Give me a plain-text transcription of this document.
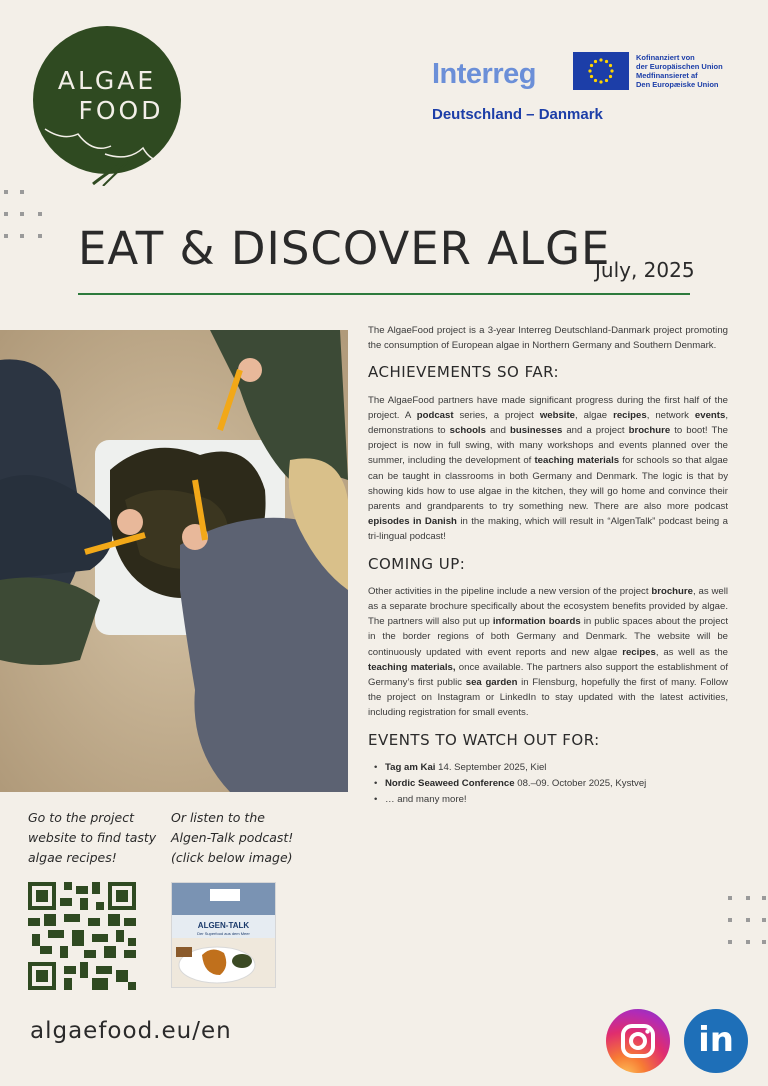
ALGAE
FOOD
Interreg
Kofinanziert von
der Europäischen Union
Medfinansieret af
Den Europæiske Union
Deutschland – Danmark
EAT & DISCOVER ALGE
July, 2025

The AlgaeFood project is a 3-year Interreg Deutschland-Danmark project promoting the consumption of European algae in Northern Germany and Southern Denmark.

ACHIEVEMENTS SO FAR:

The AlgaeFood partners have made significant progress during the first half of the project. A podcast series, a project website, algae recipes, network events, demonstrations to schools and businesses and a project brochure to boot! The project is now in full swing, with many workshops and events planned over the summer, including the development of teaching materials for schools so that algae can be taught in classrooms in both Germany and Denmark. The logic is that by showing kids how to use algae in the kitchen, they will go home and convince their parents and grandparents to try something new. There are also more podcast episodes in Danish in the making, which will result in “AlgenTalk” podcast being a tri-lingual podcast!

COMING UP:

Other activities in the pipeline include a new version of the project brochure, as well as a separate brochure specifically about the ecosystem benefits provided by algae. The partners will also put up information boards in public spaces about the project in the border regions of both Germany and Denmark. The website will be continuously updated with event reports and new algae recipes, as well as the teaching materials, once available. The partners also support the establishment of Germany’s first public sea garden in Flensburg, hopefully the first of many. Follow the project on Instagram or LinkedIn to stay updated with the latest activities, including registration for small events.

EVENTS TO WATCH OUT FOR:
• Tag am Kai 14. September 2025, Kiel
• Nordic Seaweed Conference 08.–09. October 2025, Kystvej
• … and many more!
Go to the project
website to find tasty
algae recipes!
Or listen to the
Algen-Talk podcast!
(click below image)
ALGEN-TALK
Der Superfood aus dem Meer
algaefood.eu/en	in
